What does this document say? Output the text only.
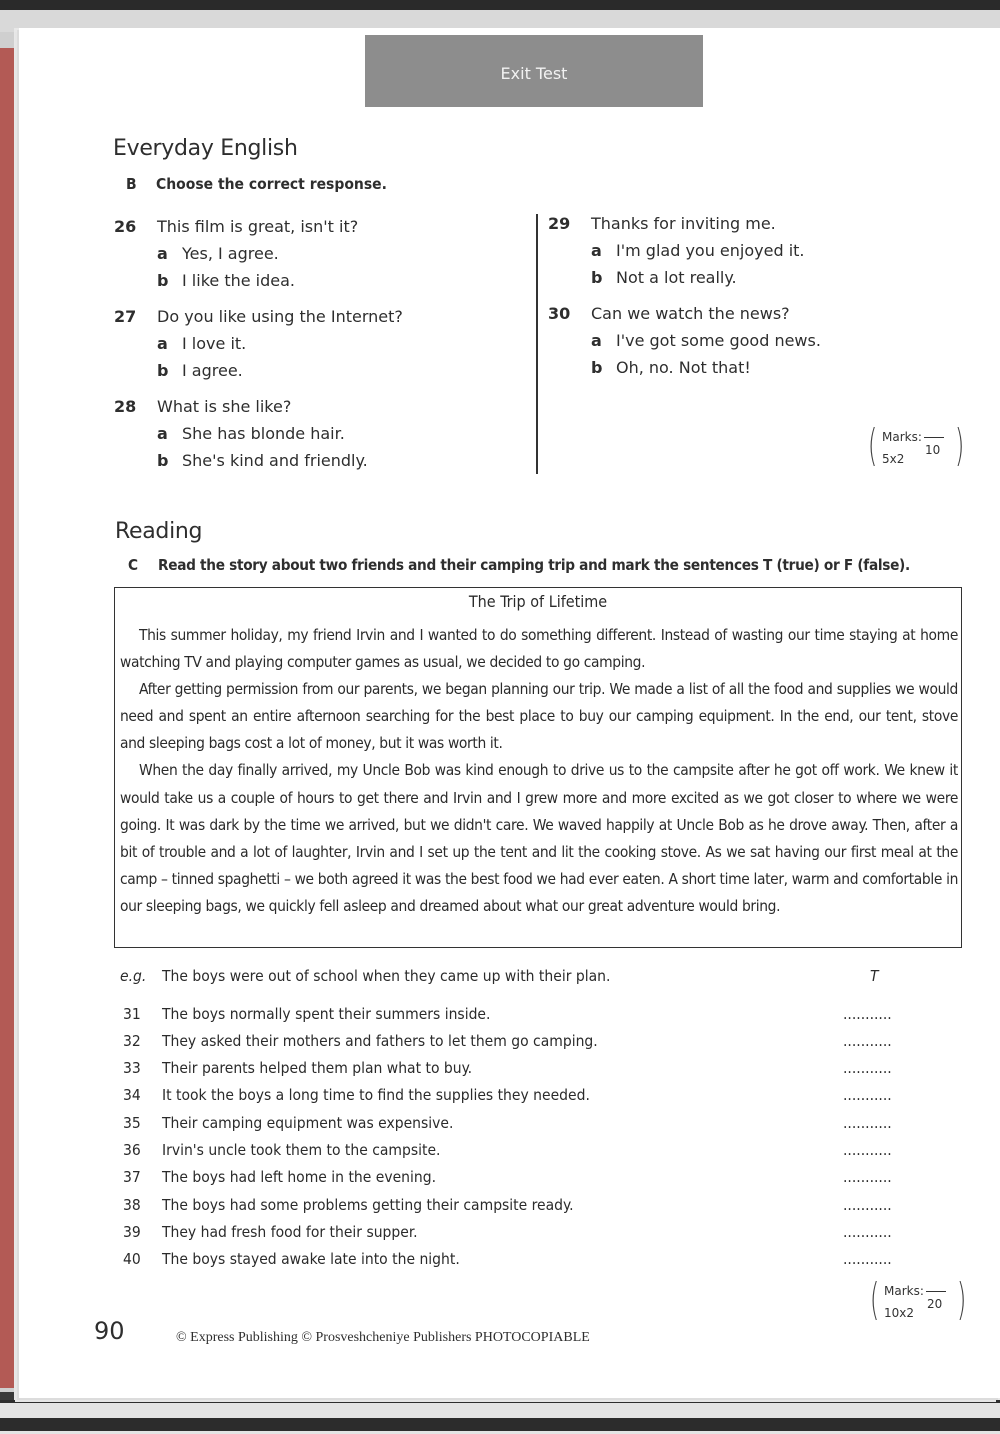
Exit Test
Everyday English
B Choose the correct response.
26 This film is great, isn't it?
a Yes, I agree.
b I like the idea.
27 Do you like using the Internet?
a I love it.
b I agree.
28 What is she like?
a She has blonde hair.
b She's kind and friendly.
29 Thanks for inviting me.
a I'm glad you enjoyed it.
b Not a lot really.
30 Can we watch the news?
a I've got some good news.
b Oh, no. Not that!
( Marks:
5x2
10 )
Reading
C Read the story about two friends and their camping trip and mark the sentences T (true) or F (false).
The Trip of Lifetime

This summer holiday, my friend Irvin and I wanted to do something different. Instead of wasting our time staying at home watching TV and playing computer games as usual, we decided to go camping.

After getting permission from our parents, we began planning our trip. We made a list of all the food and supplies we would need and spent an entire afternoon searching for the best place to buy our camping equipment. In the end, our tent, stove and sleeping bags cost a lot of money, but it was worth it.

When the day finally arrived, my Uncle Bob was kind enough to drive us to the campsite after he got off work. We knew it would take us a couple of hours to get there and Irvin and I grew more and more excited as we got closer to where we were going. It was dark by the time we arrived, but we didn't care. We waved happily at Uncle Bob as he drove away. Then, after a bit of trouble and a lot of laughter, Irvin and I set up the tent and lit the cooking stove. As we sat having our first meal at the camp – tinned spaghetti – we both agreed it was the best food we had ever eaten. A short time later, warm and comfortable in our sleeping bags, we quickly fell asleep and dreamed about what our great adventure would bring.

e.g. The boys were out of school when they came up with their plan.	T
31 The boys normally spent their summers inside.	...........
32 They asked their mothers and fathers to let them go camping.	...........
33 Their parents helped them plan what to buy.	...........
34 It took the boys a long time to find the supplies they needed.	...........
35 Their camping equipment was expensive.	...........
36 Irvin's uncle took them to the campsite.	...........
37 The boys had left home in the evening.	...........
38 The boys had some problems getting their campsite ready.	...........
39 They had fresh food for their supper.	...........
40 The boys stayed awake late into the night.	...........
( Marks:
10x2
20 )
90	© Express Publishing © Prosveshcheniye Publishers PHOTOCOPIABLE
